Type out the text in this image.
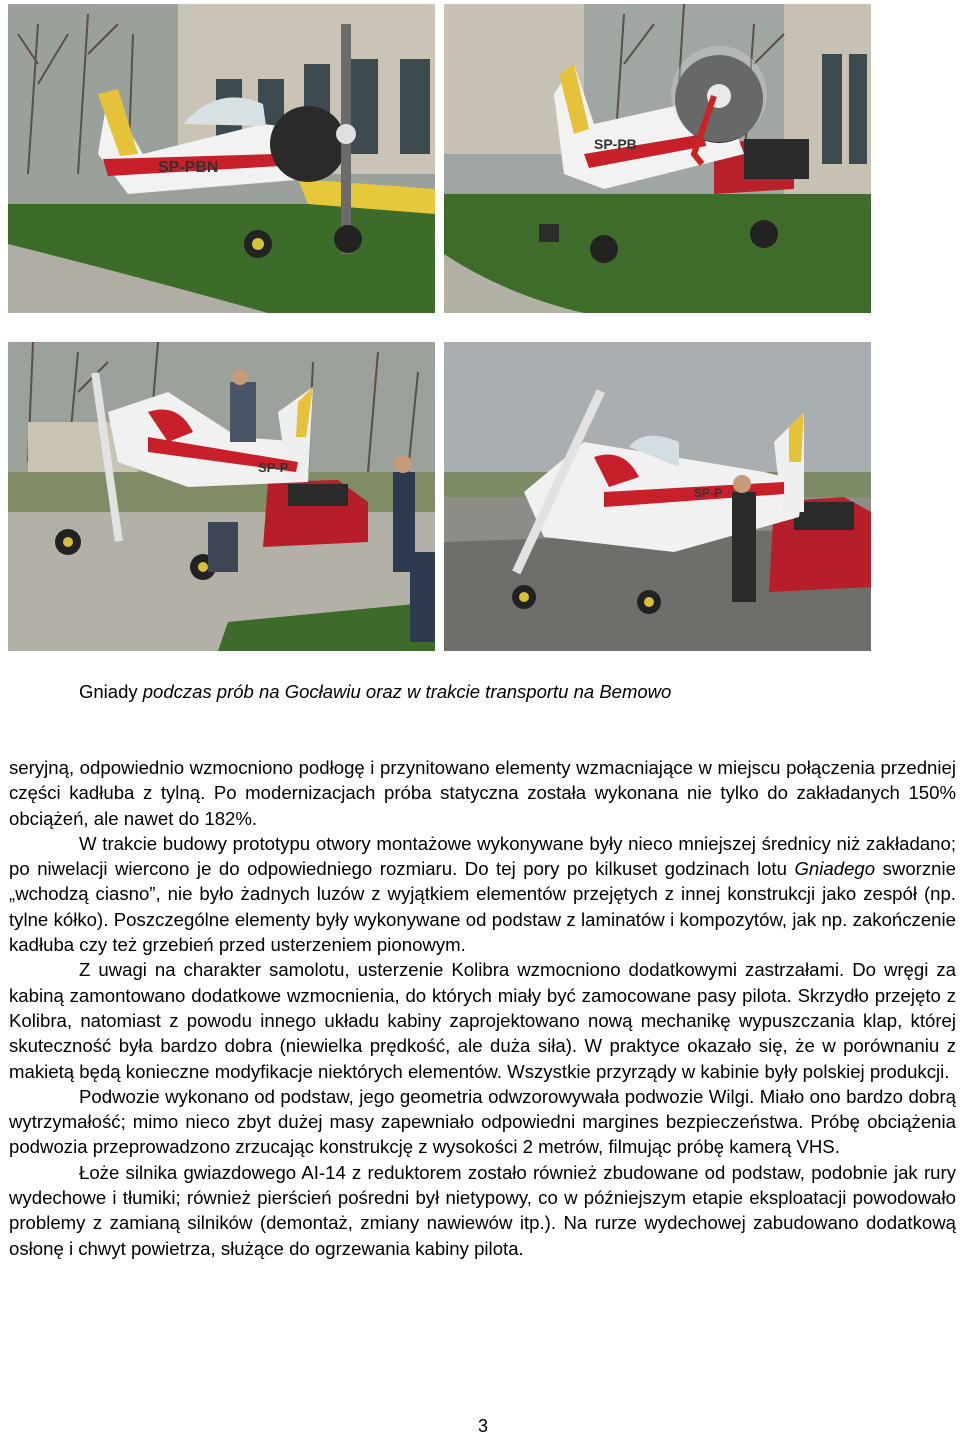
SP-PBN
SP-PB
SP-P
SP-P
Gniady podczas prób na Gocławiu oraz w trakcie transportu na Bemowo

seryjną, odpowiednio wzmocniono podłogę i przynitowano elementy wzmacniające w miejscu połączenia przedniej części kadłuba z tylną. Po modernizacjach próba statyczna została wykonana nie tylko do zakładanych 150% obciążeń, ale nawet do 182%.

W trakcie budowy prototypu otwory montażowe wykonywane były nieco mniejszej średnicy niż zakładano; po niwelacji wiercono je do odpowiedniego rozmiaru. Do tej pory po kilkuset godzinach lotu Gniadego sworznie „wchodzą ciasno”, nie było żadnych luzów z wyjątkiem elementów przejętych z innej konstrukcji jako zespół (np. tylne kółko). Poszczególne elementy były wykonywane od podstaw z laminatów i kompozytów, jak np. zakończenie kadłuba czy też grzebień przed usterzeniem pionowym.

Z uwagi na charakter samolotu, usterzenie Kolibra wzmocniono dodatkowymi zastrzałami. Do wręgi za kabiną zamontowano dodatkowe wzmocnienia, do których miały być zamocowane pasy pilota. Skrzydło przejęto z Kolibra, natomiast z powodu innego układu kabiny zaprojektowano nową mechanikę wypuszczania klap, której skuteczność była bardzo dobra (niewielka prędkość, ale duża siła). W praktyce okazało się, że w porównaniu z makietą będą konieczne modyfikacje niektórych elementów. Wszystkie przyrządy w kabinie były polskiej produkcji.

Podwozie wykonano od podstaw, jego geometria odwzorowywała podwozie Wilgi. Miało ono bardzo dobrą wytrzymałość; mimo nieco zbyt dużej masy zapewniało odpowiedni margines bezpieczeństwa. Próbę obciążenia podwozia przeprowadzono zrzucając konstrukcję z wysokości 2 metrów, filmując próbę kamerą VHS.

Łoże silnika gwiazdowego AI-14 z reduktorem zostało również zbudowane od podstaw, podobnie jak rury wydechowe i tłumiki; również pierścień pośredni był nietypowy, co w późniejszym etapie eksploatacji powodowało problemy z zamianą silników (demontaż, zmiany nawiewów itp.). Na rurze wydechowej zabudowano dodatkową osłonę i chwyt powietrza, służące do ogrzewania kabiny pilota.

3
